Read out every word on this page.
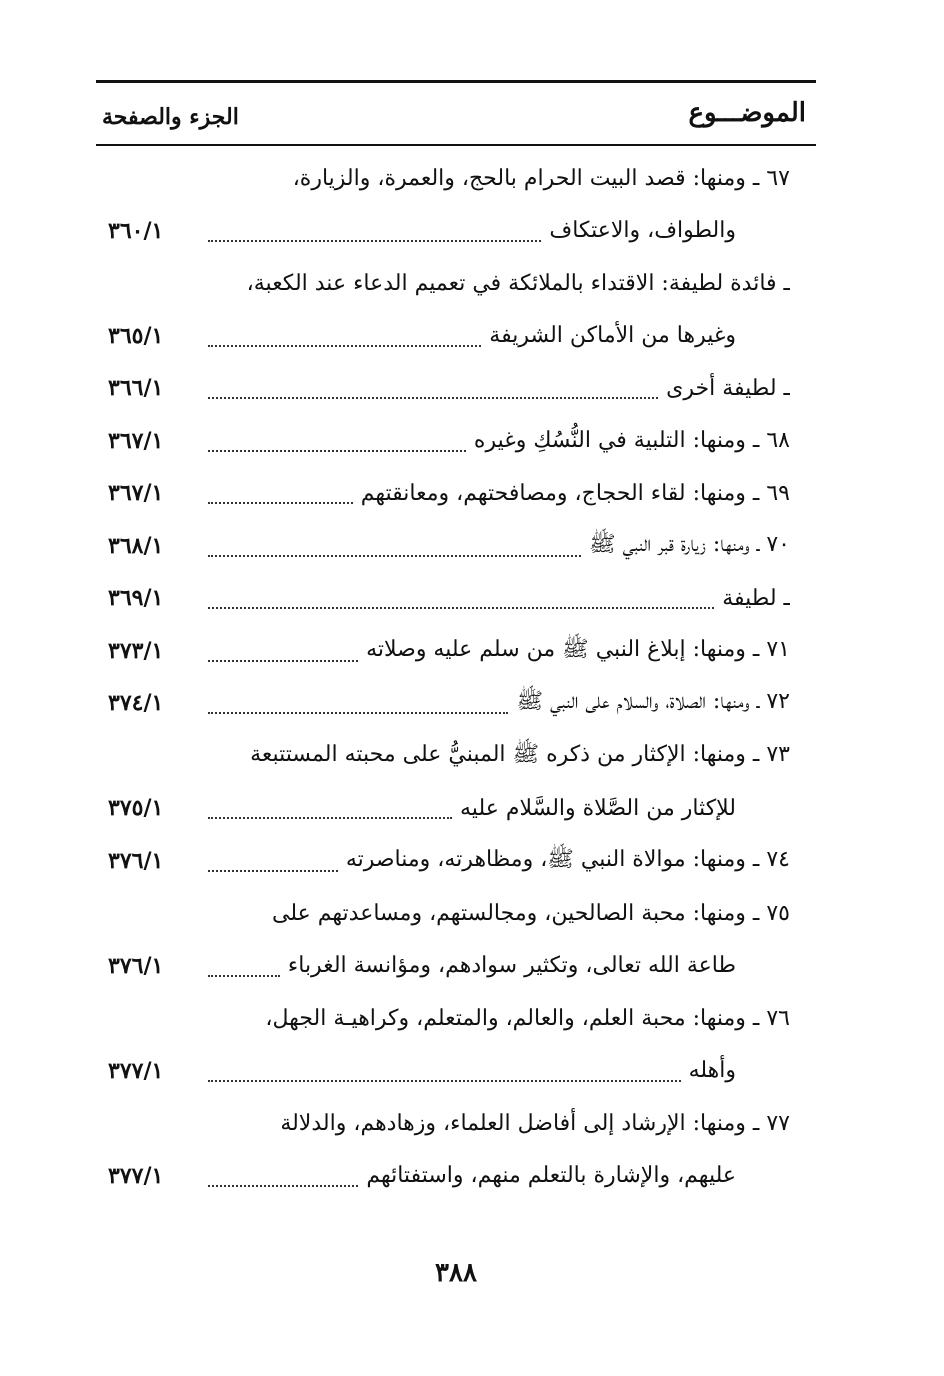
الموضـــوع
الجزء والصفحة
٦٧ ـ ومنها: قصد البيت الحرام بالحج، والعمرة، والزيارة،
والطواف، والاعتكاف
٣٦٠/١
ـ فائدة لطيفة: الاقتداء بالملائكة في تعميم الدعاء عند الكعبة،
وغيرها من الأماكن الشريفة
٣٦٥/١
ـ لطيفة أخرى
٣٦٦/١
٦٨ ـ ومنها: التلبية في النُّسُكِ وغيره
٣٦٧/١
٦٩ ـ ومنها: لقاء الحجاج، ومصافحتهم، ومعانقتهم
٣٦٧/١
٧٠ ـ ومنها: زيارة قبر النبي ﷺ
٣٦٨/١
ـ لطيفة
٣٦٩/١
٧١ ـ ومنها: إبلاغ النبي ﷺ من سلم عليه وصلاته
٣٧٣/١
٧٢ ـ ومنها: الصلاة، والسلام على النبي ﷺ
٣٧٤/١
٧٣ ـ ومنها: الإكثار من ذكره ﷺ المبنيُّ على محبته المستتبعة
للإكثار من الصَّلاة والسَّلام عليه
٣٧٥/١
٧٤ ـ ومنها: موالاة النبي ﷺ، ومظاهرته، ومناصرته
٣٧٦/١
٧٥ ـ ومنها: محبة الصالحين، ومجالستهم، ومساعدتهم على
طاعة الله تعالى، وتكثير سوادهم، ومؤانسة الغرباء
٣٧٦/١
٧٦ ـ ومنها: محبة العلم، والعالم، والمتعلم، وكراهيـة الجهل،
وأهله
٣٧٧/١
٧٧ ـ ومنها: الإرشاد إلى أفاضل العلماء، وزهادهم، والدلالة
عليهم، والإشارة بالتعلم منهم، واستفتائهم
٣٧٧/١
٣٨٨
